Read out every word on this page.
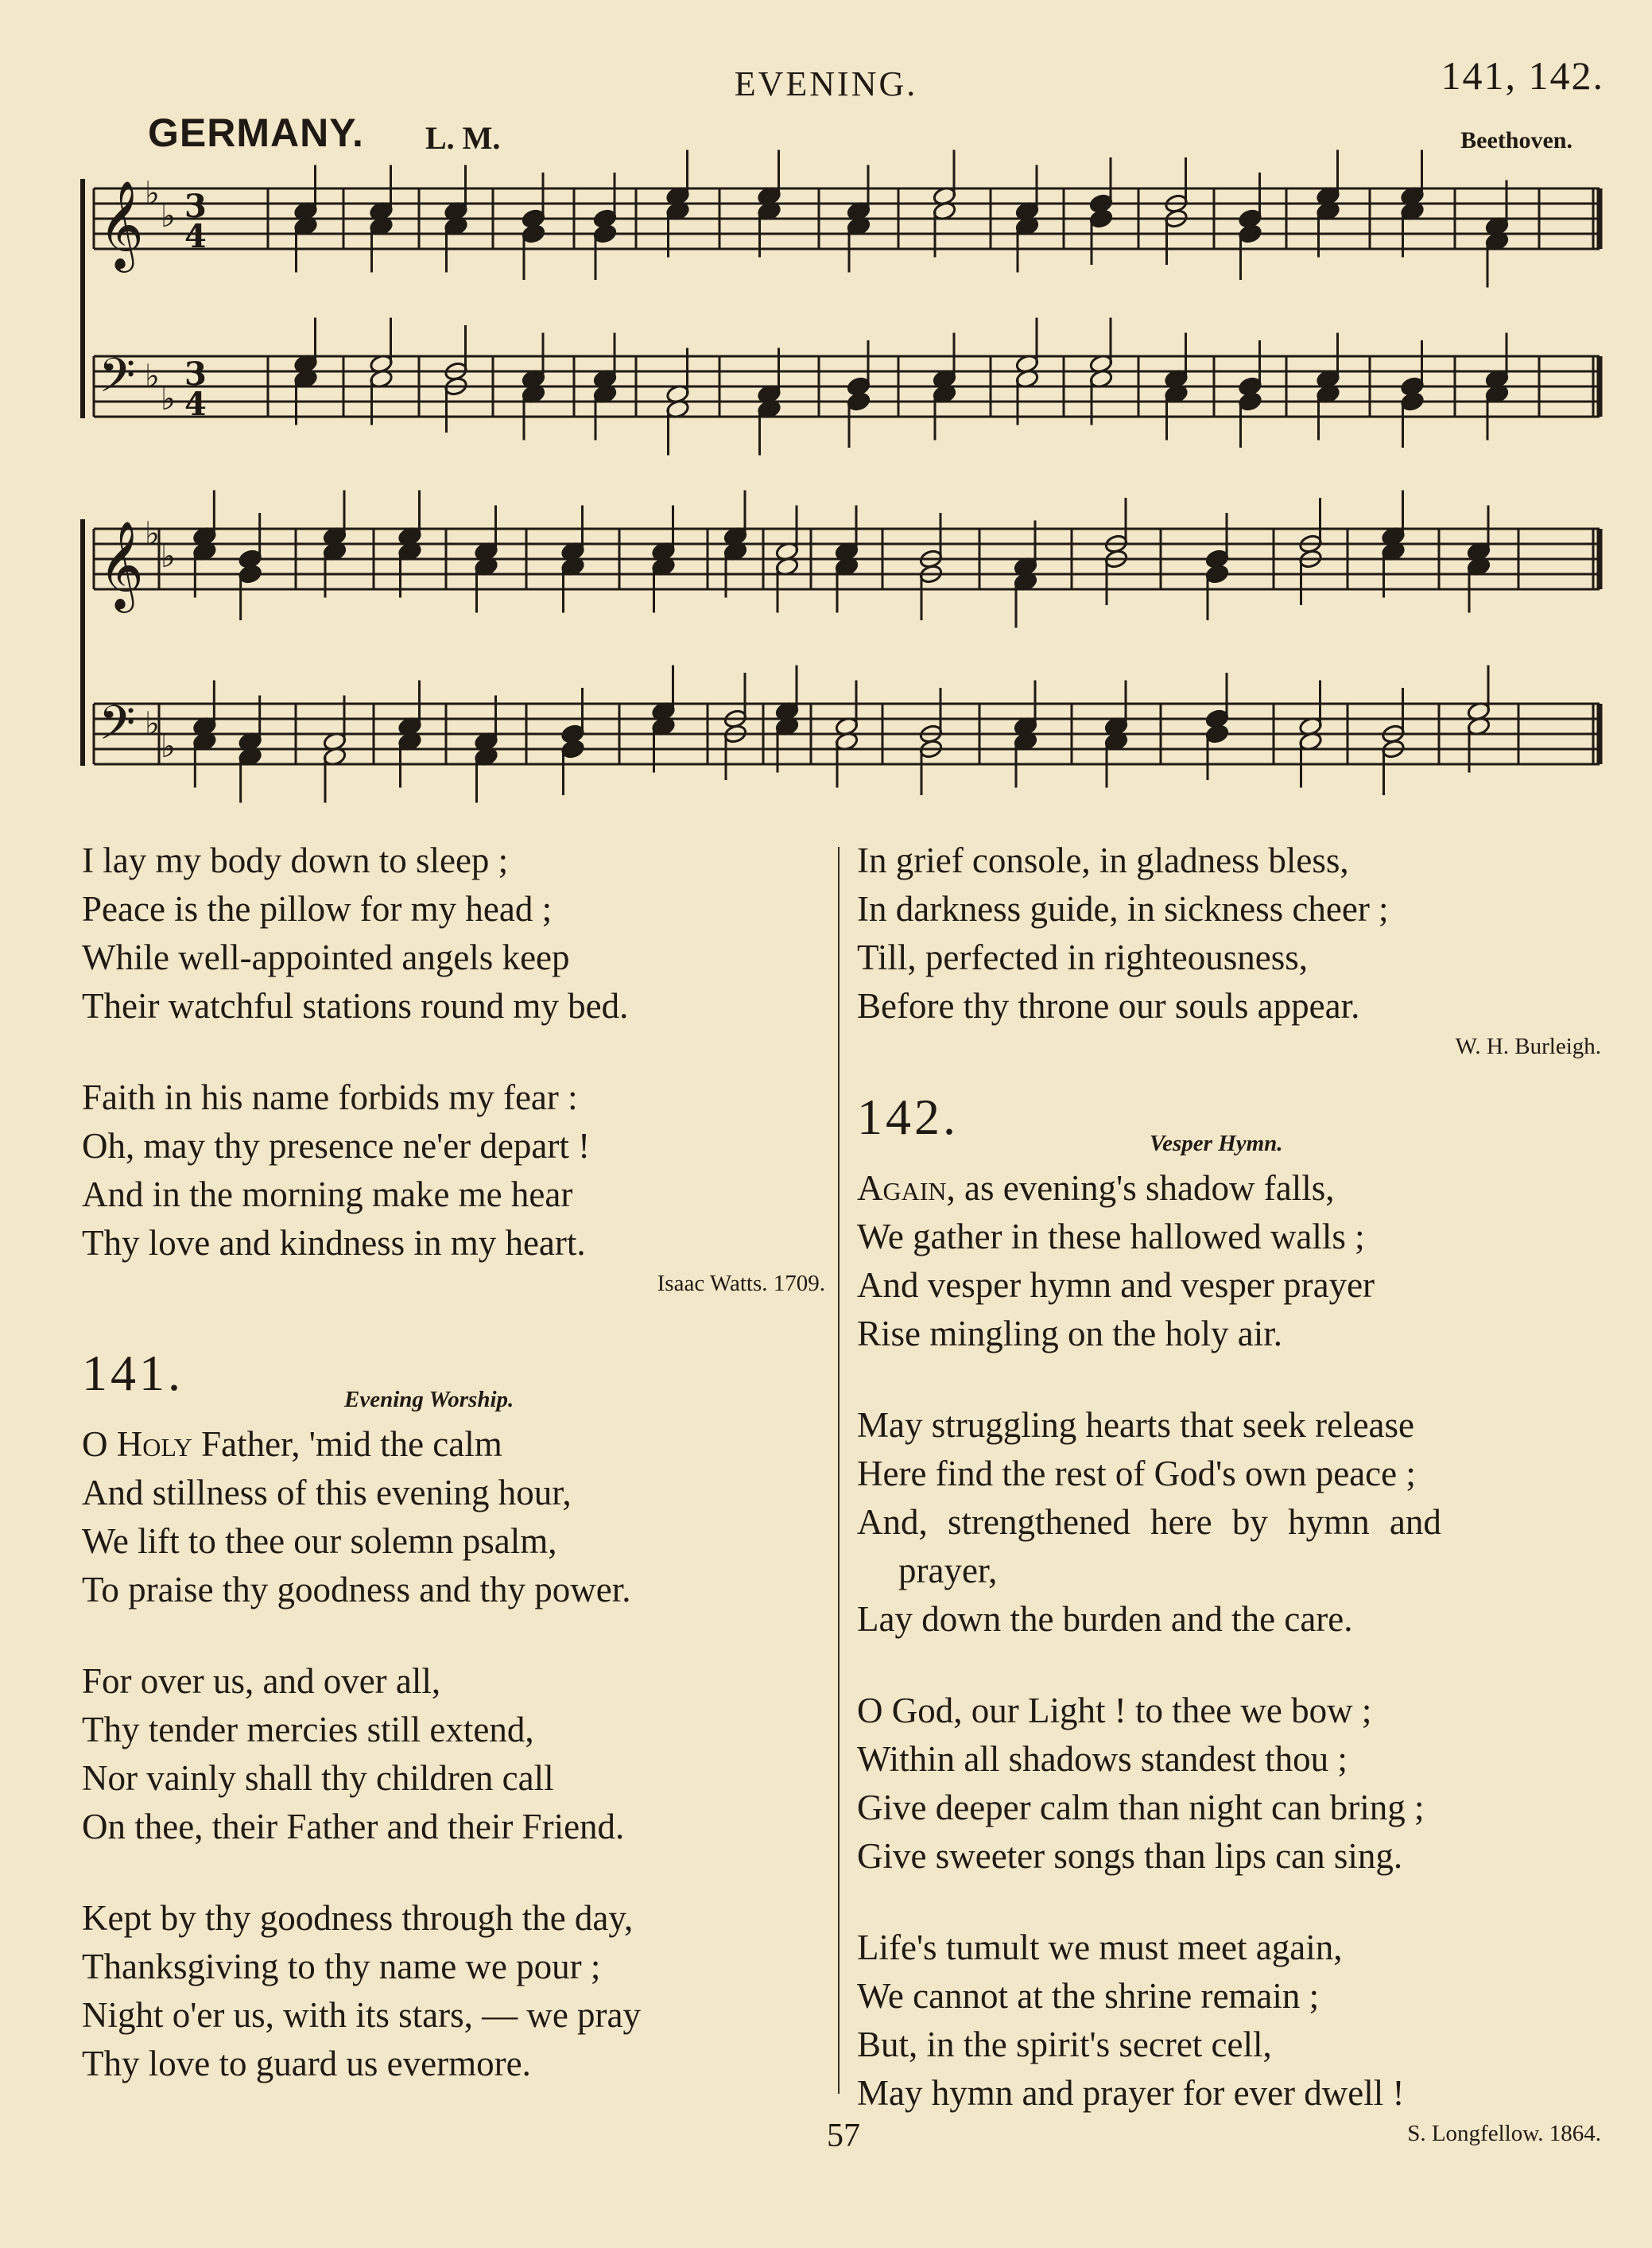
EVENING.	141, 142.
GERMANY. L. M.	Beethoven.
𝄞 ♭
♭ 3
4
𝄢 ♭
♭
3
4
𝄞 ♭
♭
𝄢 ♭
♭
I lay my body down to sleep ;
Peace is the pillow for my head ;
While well-appointed angels keep
Their watchful stations round my bed.
Faith in his name forbids my fear :
Oh, may thy presence ne'er depart !
And in the morning make me hear
Thy love and kindness in my heart.
Isaac Watts. 1709.
141.	Evening Worship.
O Holy Father, 'mid the calm
And stillness of this evening hour,
We lift to thee our solemn psalm,
To praise thy goodness and thy power.
For over us, and over all,
Thy tender mercies still extend,
Nor vainly shall thy children call
On thee, their Father and their Friend.
Kept by thy goodness through the day,
Thanksgiving to thy name we pour ;
Night o'er us, with its stars, — we pray
Thy love to guard us evermore.
In grief console, in gladness bless,
In darkness guide, in sickness cheer ;
Till, perfected in righteousness,
Before thy throne our souls appear.
W. H. Burleigh.
142.	Vesper Hymn.
Again, as evening's shadow falls,
We gather in these hallowed walls ;
And vesper hymn and vesper prayer
Rise mingling on the holy air.
May struggling hearts that seek release
Here find the rest of God's own peace ;
And, strengthened here by hymn and
prayer,
Lay down the burden and the care.
O God, our Light ! to thee we bow ;
Within all shadows standest thou ;
Give deeper calm than night can bring ;
Give sweeter songs than lips can sing.
Life's tumult we must meet again,
We cannot at the shrine remain ;
But, in the spirit's secret cell,
May hymn and prayer for ever dwell !
S. Longfellow. 1864.
57
